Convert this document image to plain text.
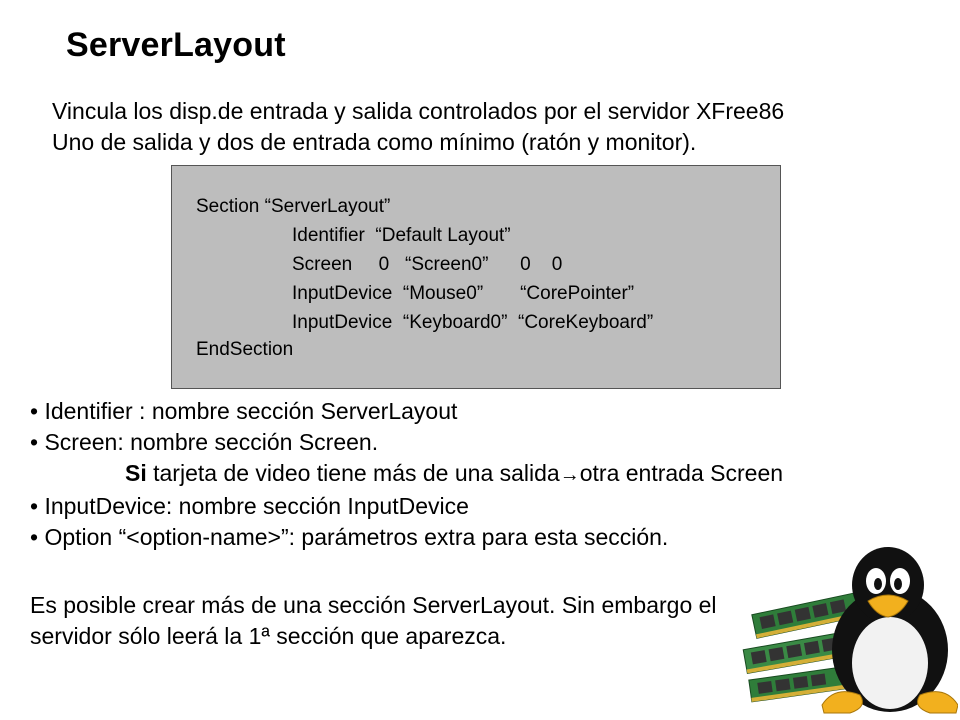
ServerLayout
Vincula los disp.de entrada y salida controlados por el servidor XFree86
Uno de salida y dos de entrada como mínimo (ratón y monitor).
Section “ServerLayout”
Identifier  “Default Layout”
Screen     0   “Screen0”      0    0
InputDevice  “Mouse0”       “CorePointer”
InputDevice  “Keyboard0”  “CoreKeyboard”
EndSection
• Identifier : nombre sección ServerLayout
• Screen: nombre sección Screen.
Si tarjeta de video tiene más de una salida→otra entrada Screen
• InputDevice: nombre sección InputDevice
• Option “<option-name>”: parámetros extra para esta sección.
Es posible crear más de una sección ServerLayout. Sin embargo el
servidor sólo leerá la 1ª sección que aparezca.
